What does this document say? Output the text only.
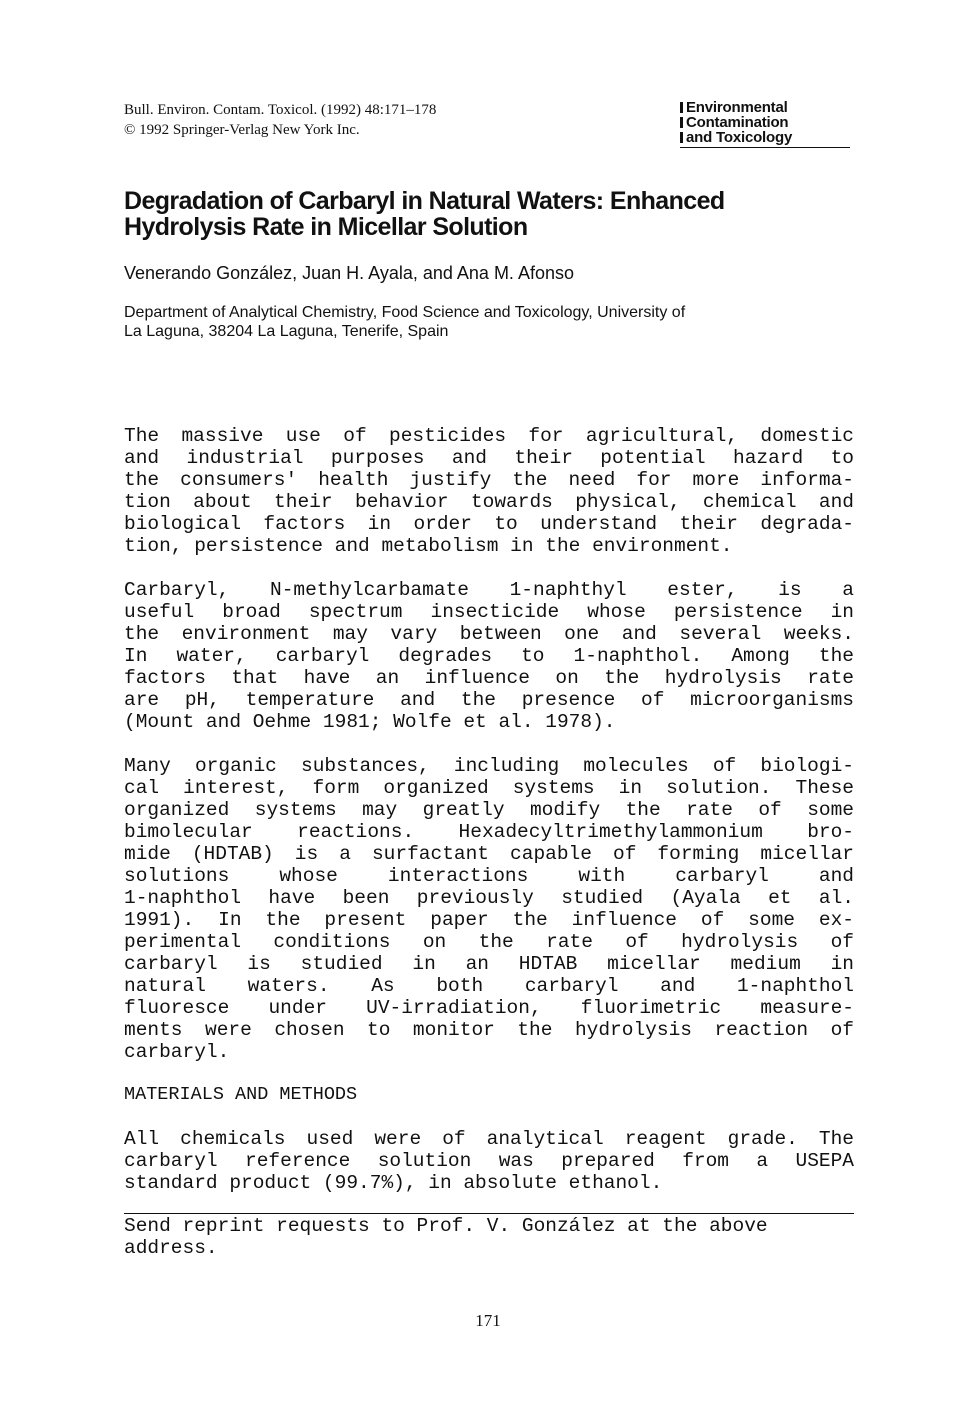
Bull. Environ. Contam. Toxicol. (1992) 48:171–178
© 1992 Springer-Verlag New York Inc.
Environmental
Contamination
and Toxicology
Degradation of Carbaryl in Natural Waters: Enhanced
Hydrolysis Rate in Micellar Solution
Venerando González, Juan H. Ayala, and Ana M. Afonso
Department of Analytical Chemistry, Food Science and Toxicology, University of
La Laguna, 38204 La Laguna, Tenerife, Spain
The massive use of pesticides for agricultural, domestic
and industrial purposes and their potential hazard to
the consumers' health justify the need for more informa-
tion about their behavior towards physical, chemical and
biological factors in order to understand their degrada-
tion, persistence and metabolism in the environment.
Carbaryl, N-methylcarbamate 1-naphthyl ester, is a
useful broad spectrum insecticide whose persistence in
the environment may vary between one and several weeks.
In water, carbaryl degrades to 1-naphthol. Among the
factors that have an influence on the hydrolysis rate
are pH, temperature and the presence of microorganisms
(Mount and Oehme 1981; Wolfe et al. 1978).
Many organic substances, including molecules of biologi-
cal interest, form organized systems in solution. These
organized systems may greatly modify the rate of some
bimolecular reactions. Hexadecyltrimethylammonium bro-
mide (HDTAB) is a surfactant capable of forming micellar
solutions whose interactions with carbaryl and
1-naphthol have been previously studied (Ayala et al.
1991). In the present paper the influence of some ex-
perimental conditions on the rate of hydrolysis of
carbaryl is studied in an HDTAB micellar medium in
natural waters. As both carbaryl and 1-naphthol
fluoresce under UV-irradiation, fluorimetric measure-
ments were chosen to monitor the hydrolysis reaction of
carbaryl.
MATERIALS AND METHODS
All chemicals used were of analytical reagent grade. The
carbaryl reference solution was prepared from a USEPA
standard product (99.7%), in absolute ethanol.
Send reprint requests to Prof. V. González at the above
address.
171
